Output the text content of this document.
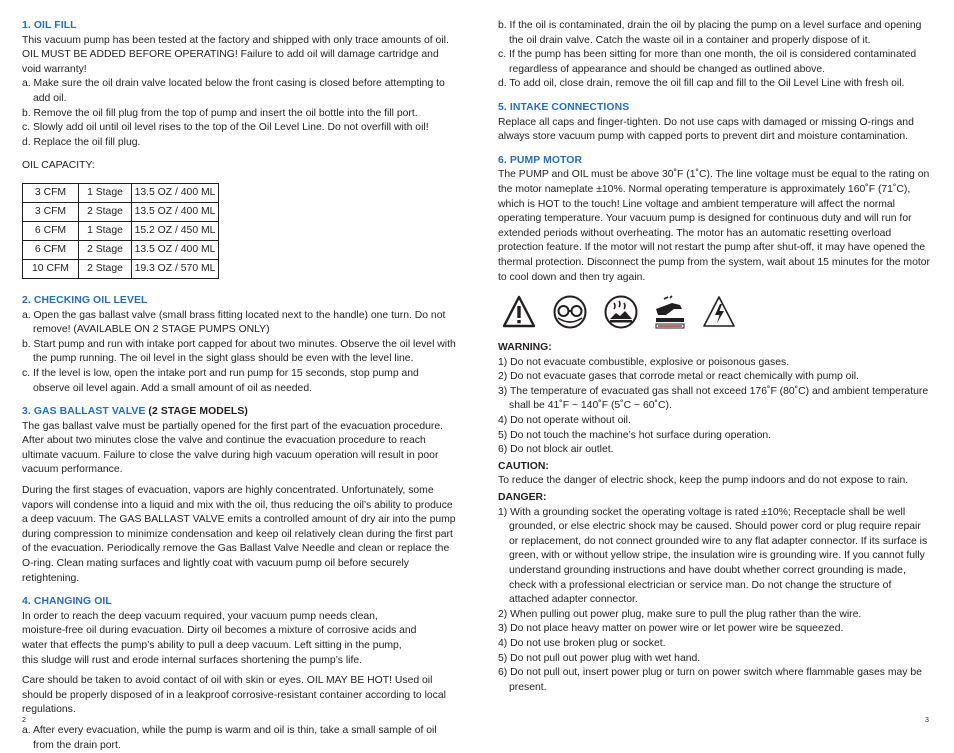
1. OIL FILL

This vacuum pump has been tested at the factory and shipped with only trace amounts of oil. OIL MUST BE ADDED BEFORE OPERATING! Failure to add oil will damage cartridge and void warranty!

a. Make sure the oil drain valve located below the front casing is closed before attempting to add oil.

b. Remove the oil fill plug from the top of pump and insert the oil bottle into the fill port.

c. Slowly add oil until oil level rises to the top of the Oil Level Line. Do not overfill with oil!

d. Replace the oil fill plug.

OIL CAPACITY:

3 CFM	1 Stage	13.5 OZ / 400 ML
3 CFM	2 Stage	13.5 OZ / 400 ML
6 CFM	1 Stage	15.2 OZ / 450 ML
6 CFM	2 Stage	13.5 OZ / 400 ML
10 CFM	2 Stage	19.3 OZ / 570 ML
2. CHECKING OIL LEVEL

a. Open the gas ballast valve (small brass fitting located next to the handle) one turn. Do not remove! (AVAILABLE ON 2 STAGE PUMPS ONLY)

b. Start pump and run with intake port capped for about two minutes. Observe the oil level with the pump running. The oil level in the sight glass should be even with the level line.

c. If the level is low, open the intake port and run pump for 15 seconds, stop pump and observe oil level again. Add a small amount of oil as needed.

3. GAS BALLAST VALVE (2 STAGE MODELS)

The gas ballast valve must be partially opened for the first part of the evacuation procedure. After about two minutes close the valve and continue the evacuation procedure to reach ultimate vacuum. Failure to close the valve during high vacuum operation will result in poor vacuum performance.

During the first stages of evacuation, vapors are highly concentrated. Unfortunately, some vapors will condense into a liquid and mix with the oil, thus reducing the oil’s ability to produce a deep vacuum. The GAS BALLAST VALVE emits a controlled amount of dry air into the pump during compression to minimize condensation and keep oil relatively clean during the first part of the evacuation. Periodically remove the Gas Ballast Valve Needle and clean or replace the O-ring. Clean mating surfaces and lightly coat with vacuum pump oil before securely retightening.

4. CHANGING OIL

In order to reach the deep vacuum required, your vacuum pump needs clean, moisture-free oil during evacuation. Dirty oil becomes a mixture of corrosive acids and water that effects the pump’s ability to pull a deep vacuum. Left sitting in the pump, this sludge will rust and erode internal surfaces shortening the pump’s life.

Care should be taken to avoid contact of oil with skin or eyes. OIL MAY BE HOT! Used oil should be properly disposed of in a leakproof corrosive-resistant container according to local regulations.

a. After every evacuation, while the pump is warm and oil is thin, take a small sample of oil from the drain port.

2

b. If the oil is contaminated, drain the oil by placing the pump on a level surface and opening the oil drain valve. Catch the waste oil in a container and properly dispose of it.

c. If the pump has been sitting for more than one month, the oil is considered contaminated regardless of appearance and should be changed as outlined above.

d. To add oil, close drain, remove the oil fill cap and fill to the Oil Level Line with fresh oil.

5. INTAKE CONNECTIONS

Replace all caps and finger-tighten. Do not use caps with damaged or missing O-rings and always store vacuum pump with capped ports to prevent dirt and moisture contamination.

6. PUMP MOTOR

The PUMP and OIL must be above 30˚F (1˚C). The line voltage must be equal to the rating on the motor nameplate ±10%. Normal operating temperature is approximately 160˚F (71˚C), which is HOT to the touch! Line voltage and ambient temperature will affect the normal operating temperature. Your vacuum pump is designed for continuous duty and will run for extended periods without overheating. The motor has an automatic resetting overload protection feature. If the motor will not restart the pump after shut-off, it may have opened the thermal protection. Disconnect the pump from the system, wait about 15 minutes for the motor to cool down and then try again.

WARNING:

1) Do not evacuate combustible, explosive or poisonous gases.

2) Do not evacuate gases that corrode metal or react chemically with pump oil.

3) The temperature of evacuated gas shall not exceed 176˚F (80˚C) and ambient temperature shall be 41˚F ~ 140˚F (5˚C ~ 60˚C).

4) Do not operate without oil.

5) Do not touch the machine’s hot surface during operation.

6) Do not block air outlet.

CAUTION:

To reduce the danger of electric shock, keep the pump indoors and do not expose to rain.

DANGER:

1) With a grounding socket the operating voltage is rated ±10%; Receptacle shall be well grounded, or else electric shock may be caused. Should power cord or plug require repair or replacement, do not connect grounded wire to any flat adapter connector. If its surface is green, with or without yellow stripe, the insulation wire is grounding wire. If you cannot fully understand grounding instructions and have doubt whether correct grounding is made, check with a professional electrician or service man. Do not change the structure of attached adapter connector.

2) When pulling out power plug, make sure to pull the plug rather than the wire.

3) Do not place heavy matter on power wire or let power wire be squeezed.

4) Do not use broken plug or socket.

5) Do not pull out power plug with wet hand.

6) Do not pull out, insert power plug or turn on power switch where flammable gases may be present.

3
